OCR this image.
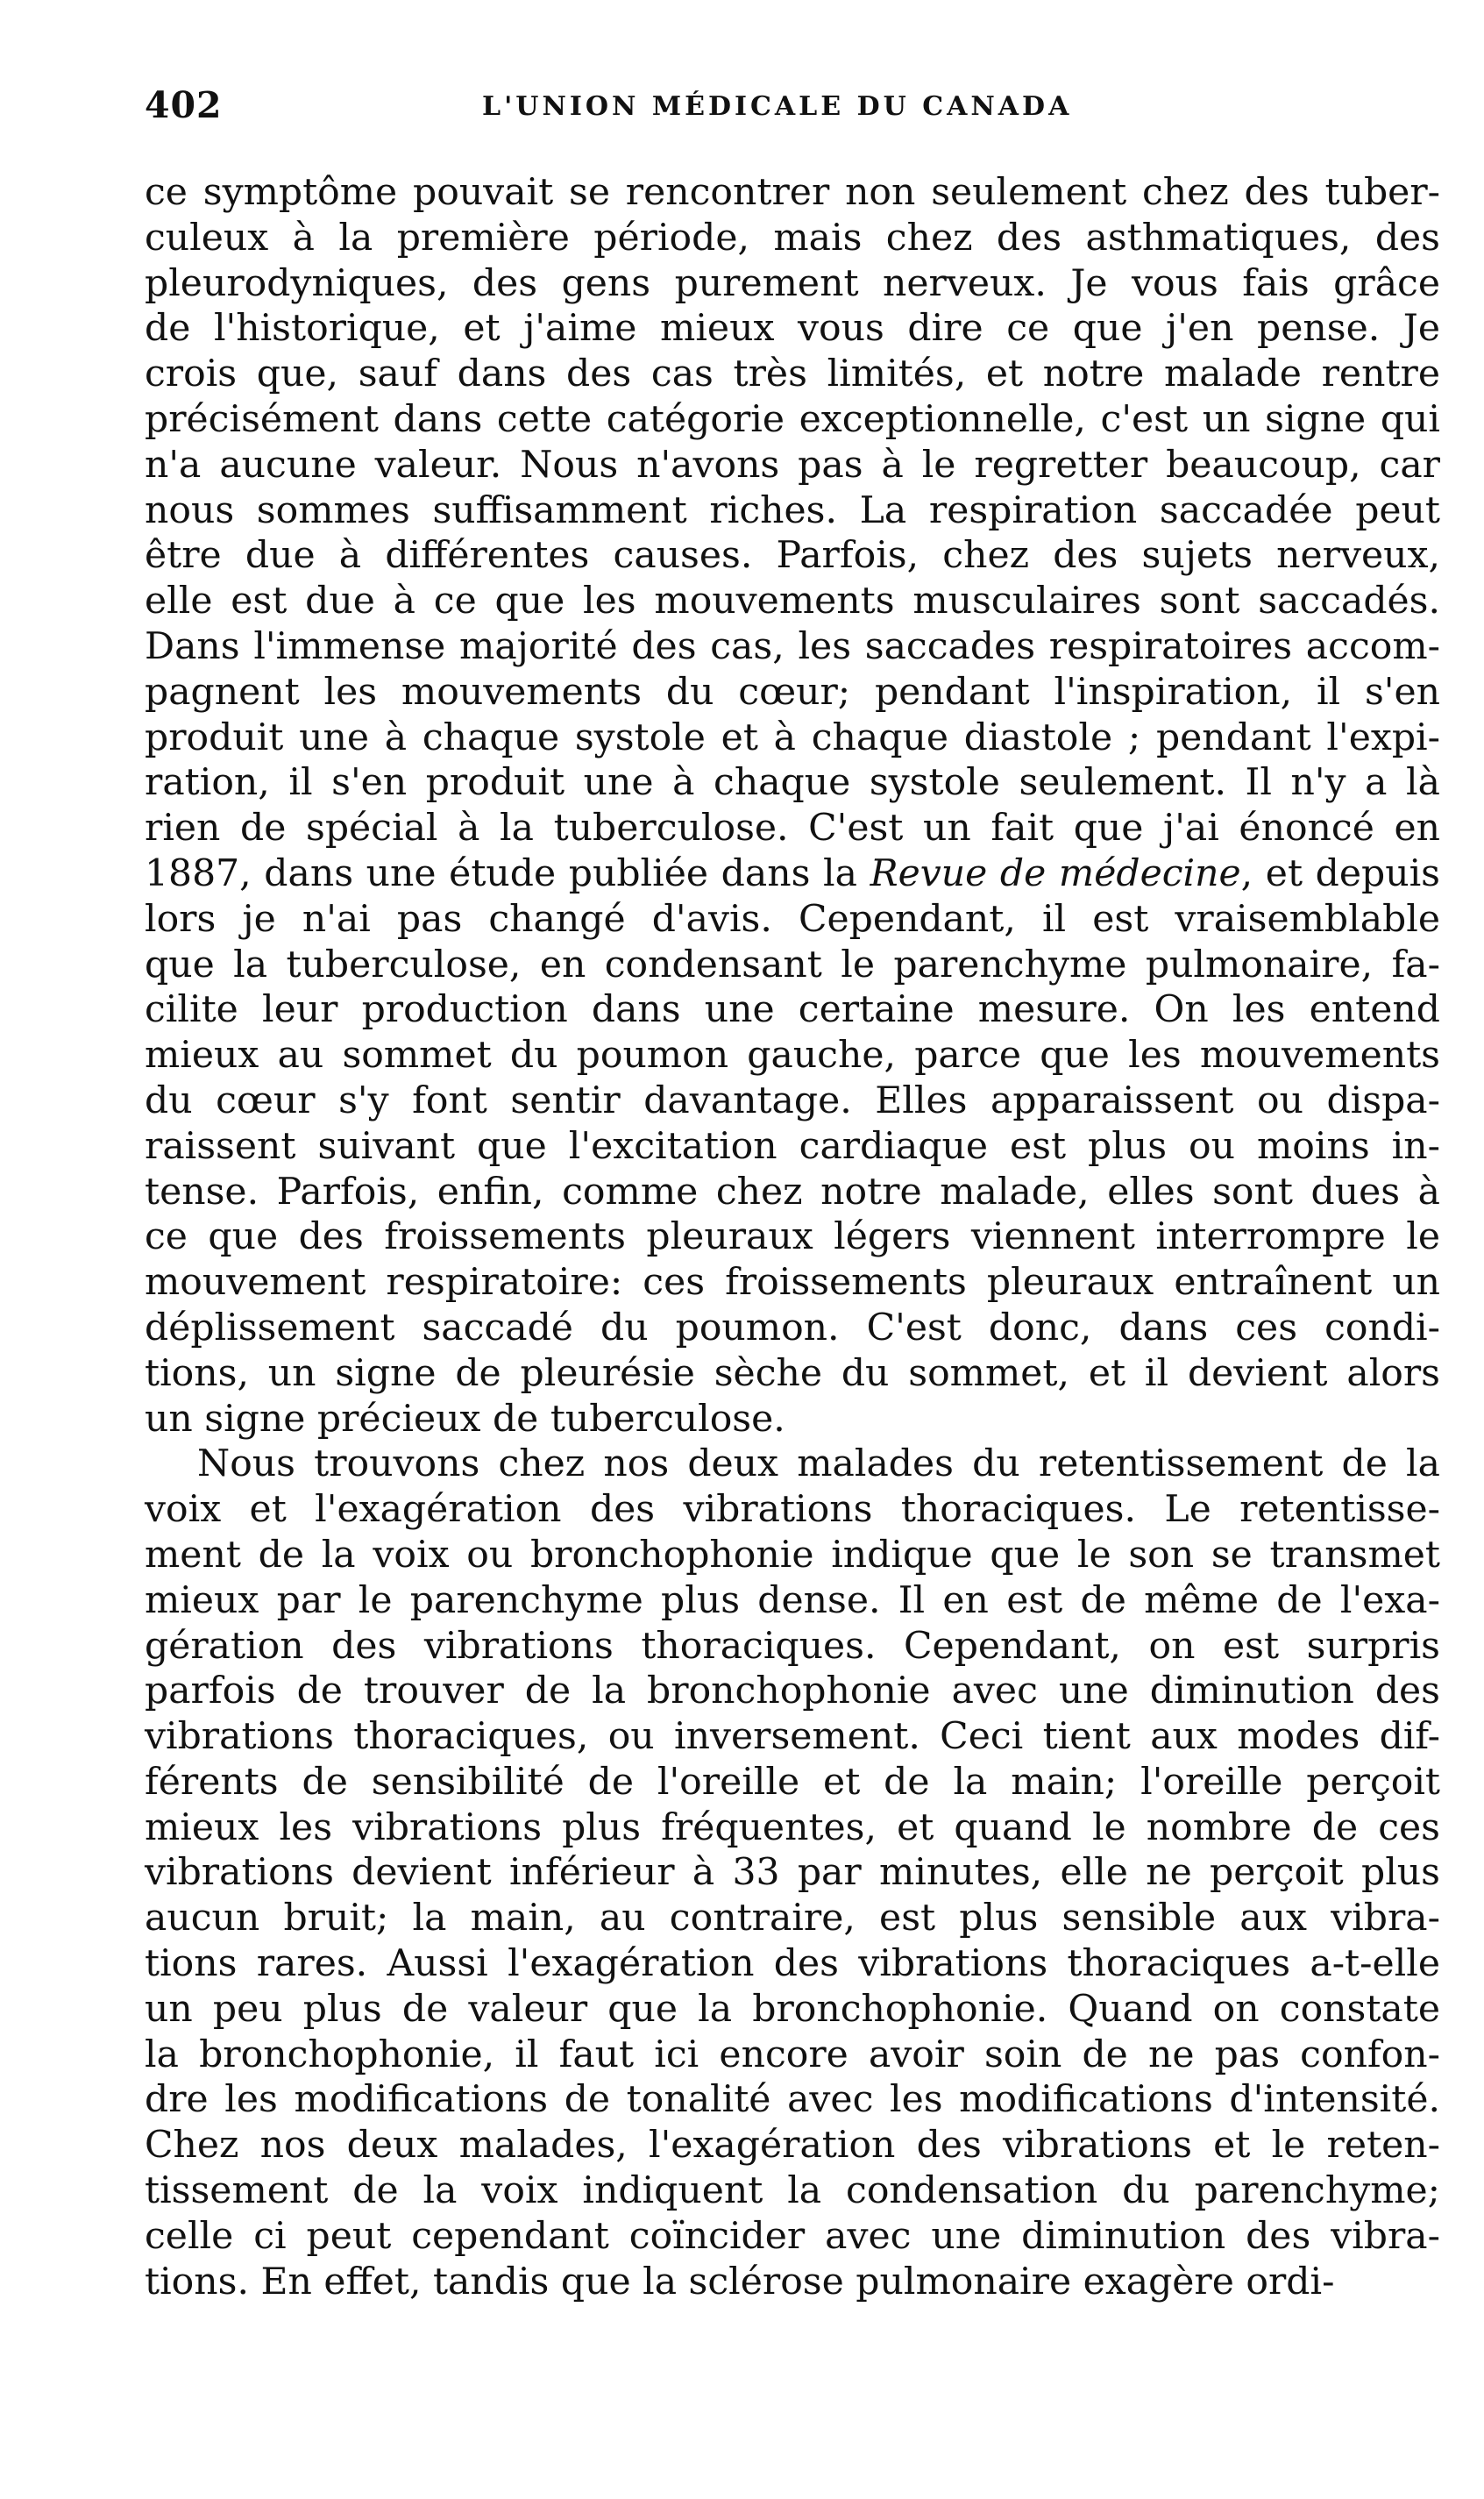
402	L'UNION MÉDICALE DU CANADA
ce symptôme pouvait se rencontrer non seulement chez des tuber-
culeux à la première période, mais chez des asthmatiques, des
pleurodyniques, des gens purement nerveux. Je vous fais grâce
de l'historique, et j'aime mieux vous dire ce que j'en pense. Je
crois que, sauf dans des cas très limités, et notre malade rentre
précisément dans cette catégorie exceptionnelle, c'est un signe qui
n'a aucune valeur. Nous n'avons pas à le regretter beaucoup, car
nous sommes suffisamment riches. La respiration saccadée peut
être due à différentes causes. Parfois, chez des sujets nerveux,
elle est due à ce que les mouvements musculaires sont saccadés.
Dans l'immense majorité des cas, les saccades respiratoires accom-
pagnent les mouvements du cœur; pendant l'inspiration, il s'en
produit une à chaque systole et à chaque diastole ; pendant l'expi-
ration, il s'en produit une à chaque systole seulement. Il n'y a là
rien de spécial à la tuberculose. C'est un fait que j'ai énoncé en
1887, dans une étude publiée dans la Revue de médecine, et depuis
lors je n'ai pas changé d'avis. Cependant, il est vraisemblable
que la tuberculose, en condensant le parenchyme pulmonaire, fa-
cilite leur production dans une certaine mesure. On les entend
mieux au sommet du poumon gauche, parce que les mouvements
du cœur s'y font sentir davantage. Elles apparaissent ou dispa-
raissent suivant que l'excitation cardiaque est plus ou moins in-
tense. Parfois, enfin, comme chez notre malade, elles sont dues à
ce que des froissements pleuraux légers viennent interrompre le
mouvement respiratoire: ces froissements pleuraux entraînent un
déplissement saccadé du poumon. C'est donc, dans ces condi-
tions, un signe de pleurésie sèche du sommet, et il devient alors
un signe précieux de tuberculose.
Nous trouvons chez nos deux malades du retentissement de la
voix et l'exagération des vibrations thoraciques. Le retentisse-
ment de la voix ou bronchophonie indique que le son se transmet
mieux par le parenchyme plus dense. Il en est de même de l'exa-
gération des vibrations thoraciques. Cependant, on est surpris
parfois de trouver de la bronchophonie avec une diminution des
vibrations thoraciques, ou inversement. Ceci tient aux modes dif-
férents de sensibilité de l'oreille et de la main; l'oreille perçoit
mieux les vibrations plus fréquentes, et quand le nombre de ces
vibrations devient inférieur à 33 par minutes, elle ne perçoit plus
aucun bruit; la main, au contraire, est plus sensible aux vibra-
tions rares. Aussi l'exagération des vibrations thoraciques a-t-elle
un peu plus de valeur que la bronchophonie. Quand on constate
la bronchophonie, il faut ici encore avoir soin de ne pas confon-
dre les modifications de tonalité avec les modifications d'intensité.
Chez nos deux malades, l'exagération des vibrations et le reten-
tissement de la voix indiquent la condensation du parenchyme;
celle ci peut cependant coïncider avec une diminution des vibra-
tions. En effet, tandis que la sclérose pulmonaire exagère ordi-
